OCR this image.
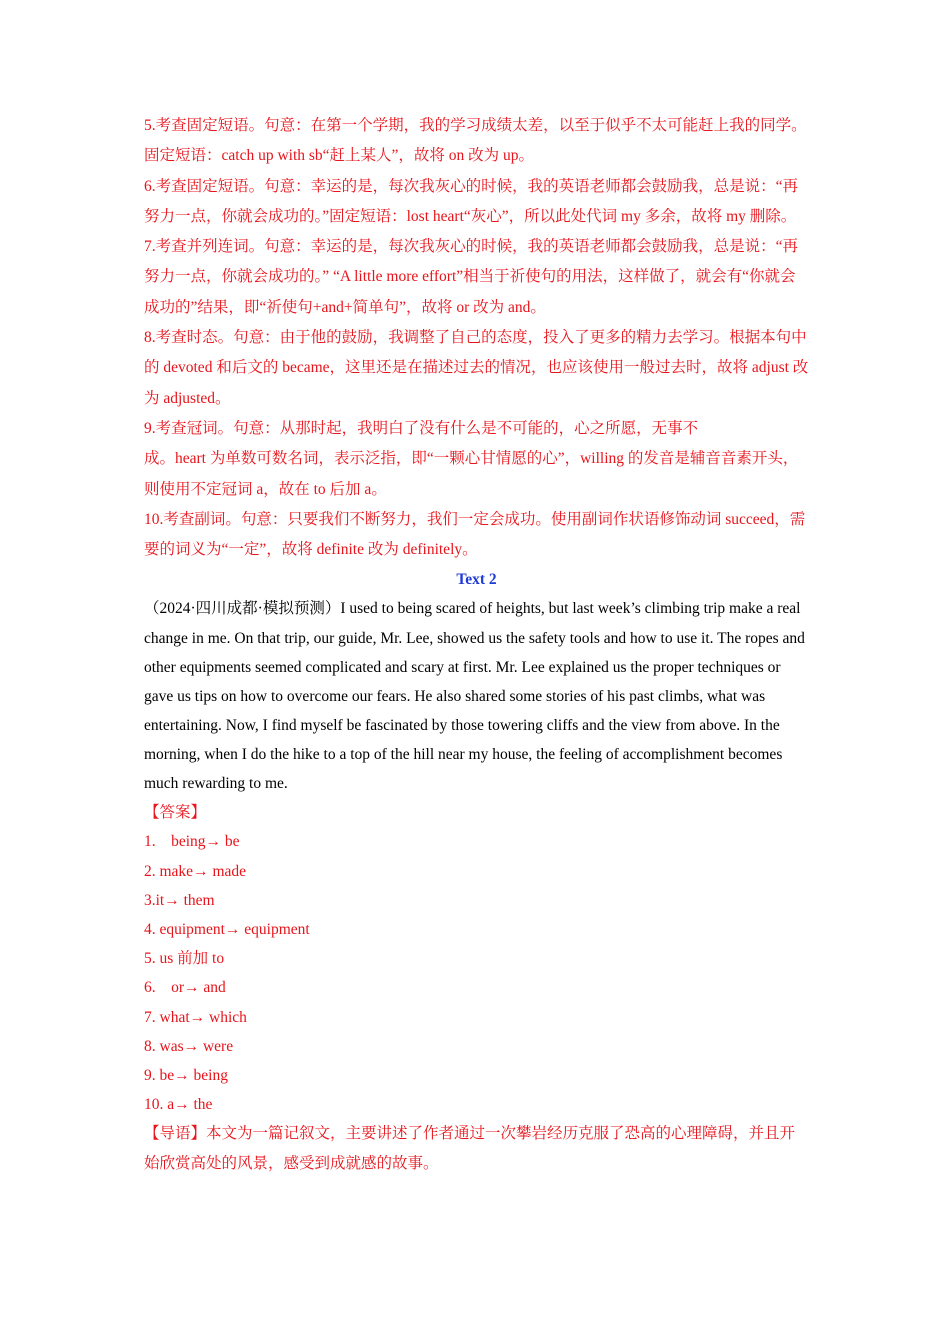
5.考查固定短语。句意：在第一个学期，我的学习成绩太差，以至于似乎不太可能赶上我的同学。固定短语：catch up with sb“赶上某人”，故将 on 改为 up。

6.考查固定短语。句意：幸运的是，每次我灰心的时候，我的英语老师都会鼓励我，总是说：“再努力一点，你就会成功的。”固定短语：lost heart“灰心”，所以此处代词 my 多余，故将 my 删除。

7.考查并列连词。句意：幸运的是，每次我灰心的时候，我的英语老师都会鼓励我，总是说：“再努力一点，你就会成功的。” “A little more effort”相当于祈使句的用法，这样做了，就会有“你就会成功的”结果，即“祈使句+and+简单句”，故将 or 改为 and。

8.考查时态。句意：由于他的鼓励，我调整了自己的态度，投入了更多的精力去学习。根据本句中的 devoted 和后文的 became，这里还是在描述过去的情况，也应该使用一般过去时，故将 adjust 改为 adjusted。

9.考查冠词。句意：从那时起，我明白了没有什么是不可能的，心之所愿，无事不

成。heart 为单数可数名词，表示泛指，即“一颗心甘情愿的心”，willing 的发音是辅音音素开头，则使用不定冠词 a，故在 to 后加 a。

10.考查副词。句意：只要我们不断努力，我们一定会成功。使用副词作状语修饰动词 succeed，需要的词义为“一定”，故将 definite 改为 definitely。

Text 2

（2024·四川成都·模拟预测）I used to being scared of heights, but last week’s climbing trip make a real change in me. On that trip, our guide, Mr. Lee, showed us the safety tools and how to use it. The ropes and other equipments seemed complicated and scary at first. Mr. Lee explained us the proper techniques or gave us tips on how to overcome our fears. He also shared some stories of his past climbs, what was entertaining. Now, I find myself be fascinated by those towering cliffs and the view from above. In the morning, when I do the hike to a top of the hill near my house, the feeling of accomplishment becomes much rewarding to me.

【答案】

1.    being→ be

2. make→ made

3.it→ them

4. equipment→ equipment

5. us 前加 to

6.    or→ and

7. what→ which

8. was→ were

9. be→ being

10. a→ the

【导语】本文为一篇记叙文，主要讲述了作者通过一次攀岩经历克服了恐高的心理障碍，并且开始欣赏高处的风景，感受到成就感的故事。
